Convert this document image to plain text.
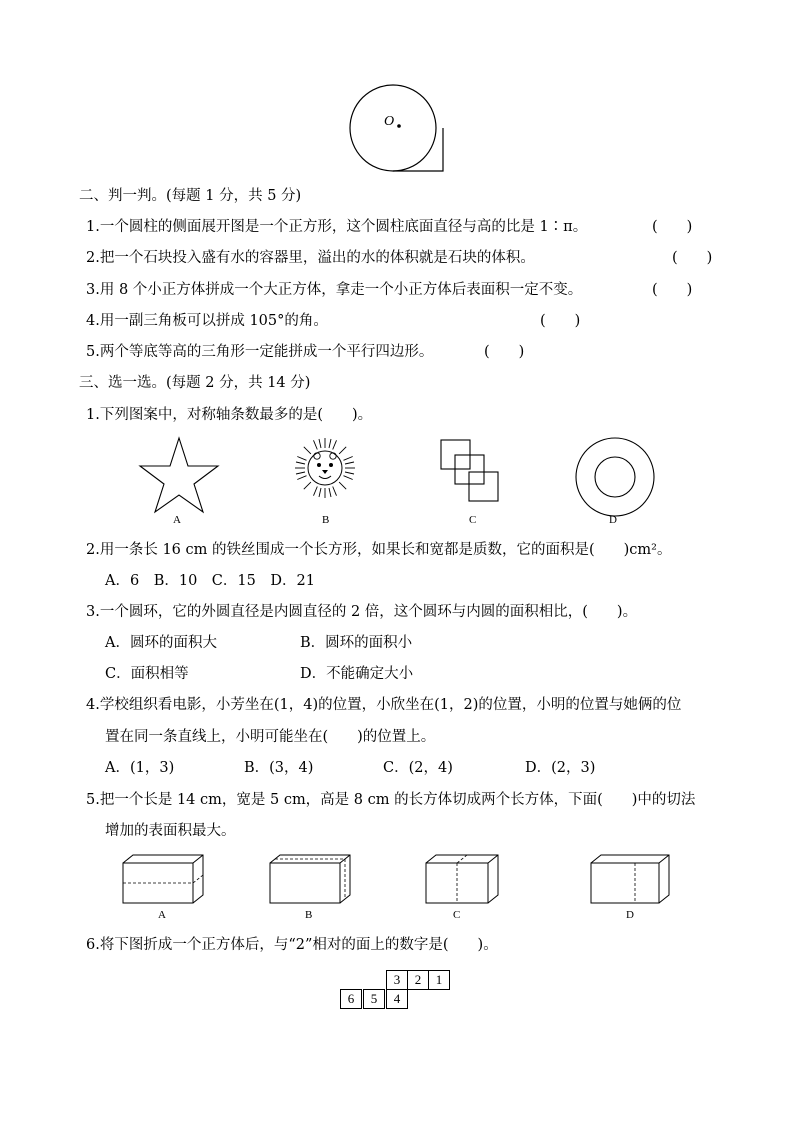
O
二、判一判。(每题 1 分，共 5 分)
1.一个圆柱的侧面展开图是一个正方形，这个圆柱底面直径与高的比是 1∶π。	(　　)
2.把一个石块投入盛有水的容器里，溢出的水的体积就是石块的体积。	(　　)
3.用 8 个小正方体拼成一个大正方体，拿走一个小正方体后表面积一定不变。	(　　)
4.用一副三角板可以拼成 105°的角。	(　　)
5.两个等底等高的三角形一定能拼成一个平行四边形。	(　　)
三、选一选。(每题 2 分，共 14 分)
1.下列图案中，对称轴条数最多的是(　　)。
A	B	C	D
2.用一条长 16 cm 的铁丝围成一个长方形，如果长和宽都是质数，它的面积是(　　)cm²。
A．6　B．10　C．15　D．21
3.一个圆环，它的外圆直径是内圆直径的 2 倍，这个圆环与内圆的面积相比，(　　)。
A．圆环的面积大	B．圆环的面积小
C．面积相等	D．不能确定大小
4.学校组织看电影，小芳坐在(1，4)的位置，小欣坐在(1，2)的位置，小明的位置与她俩的位
置在同一条直线上，小明可能坐在(　　)的位置上。
A．(1，3)	B．(3，4)	C．(2，4)	D．(2，3)
5.把一个长是 14 cm，宽是 5 cm，高是 8 cm 的长方体切成两个长方体，下面(　　)中的切法
增加的表面积最大。
A	B	C	D
6.将下图折成一个正方体后，与“2”相对的面上的数字是(　　)。
3	2	1
6	5	4
